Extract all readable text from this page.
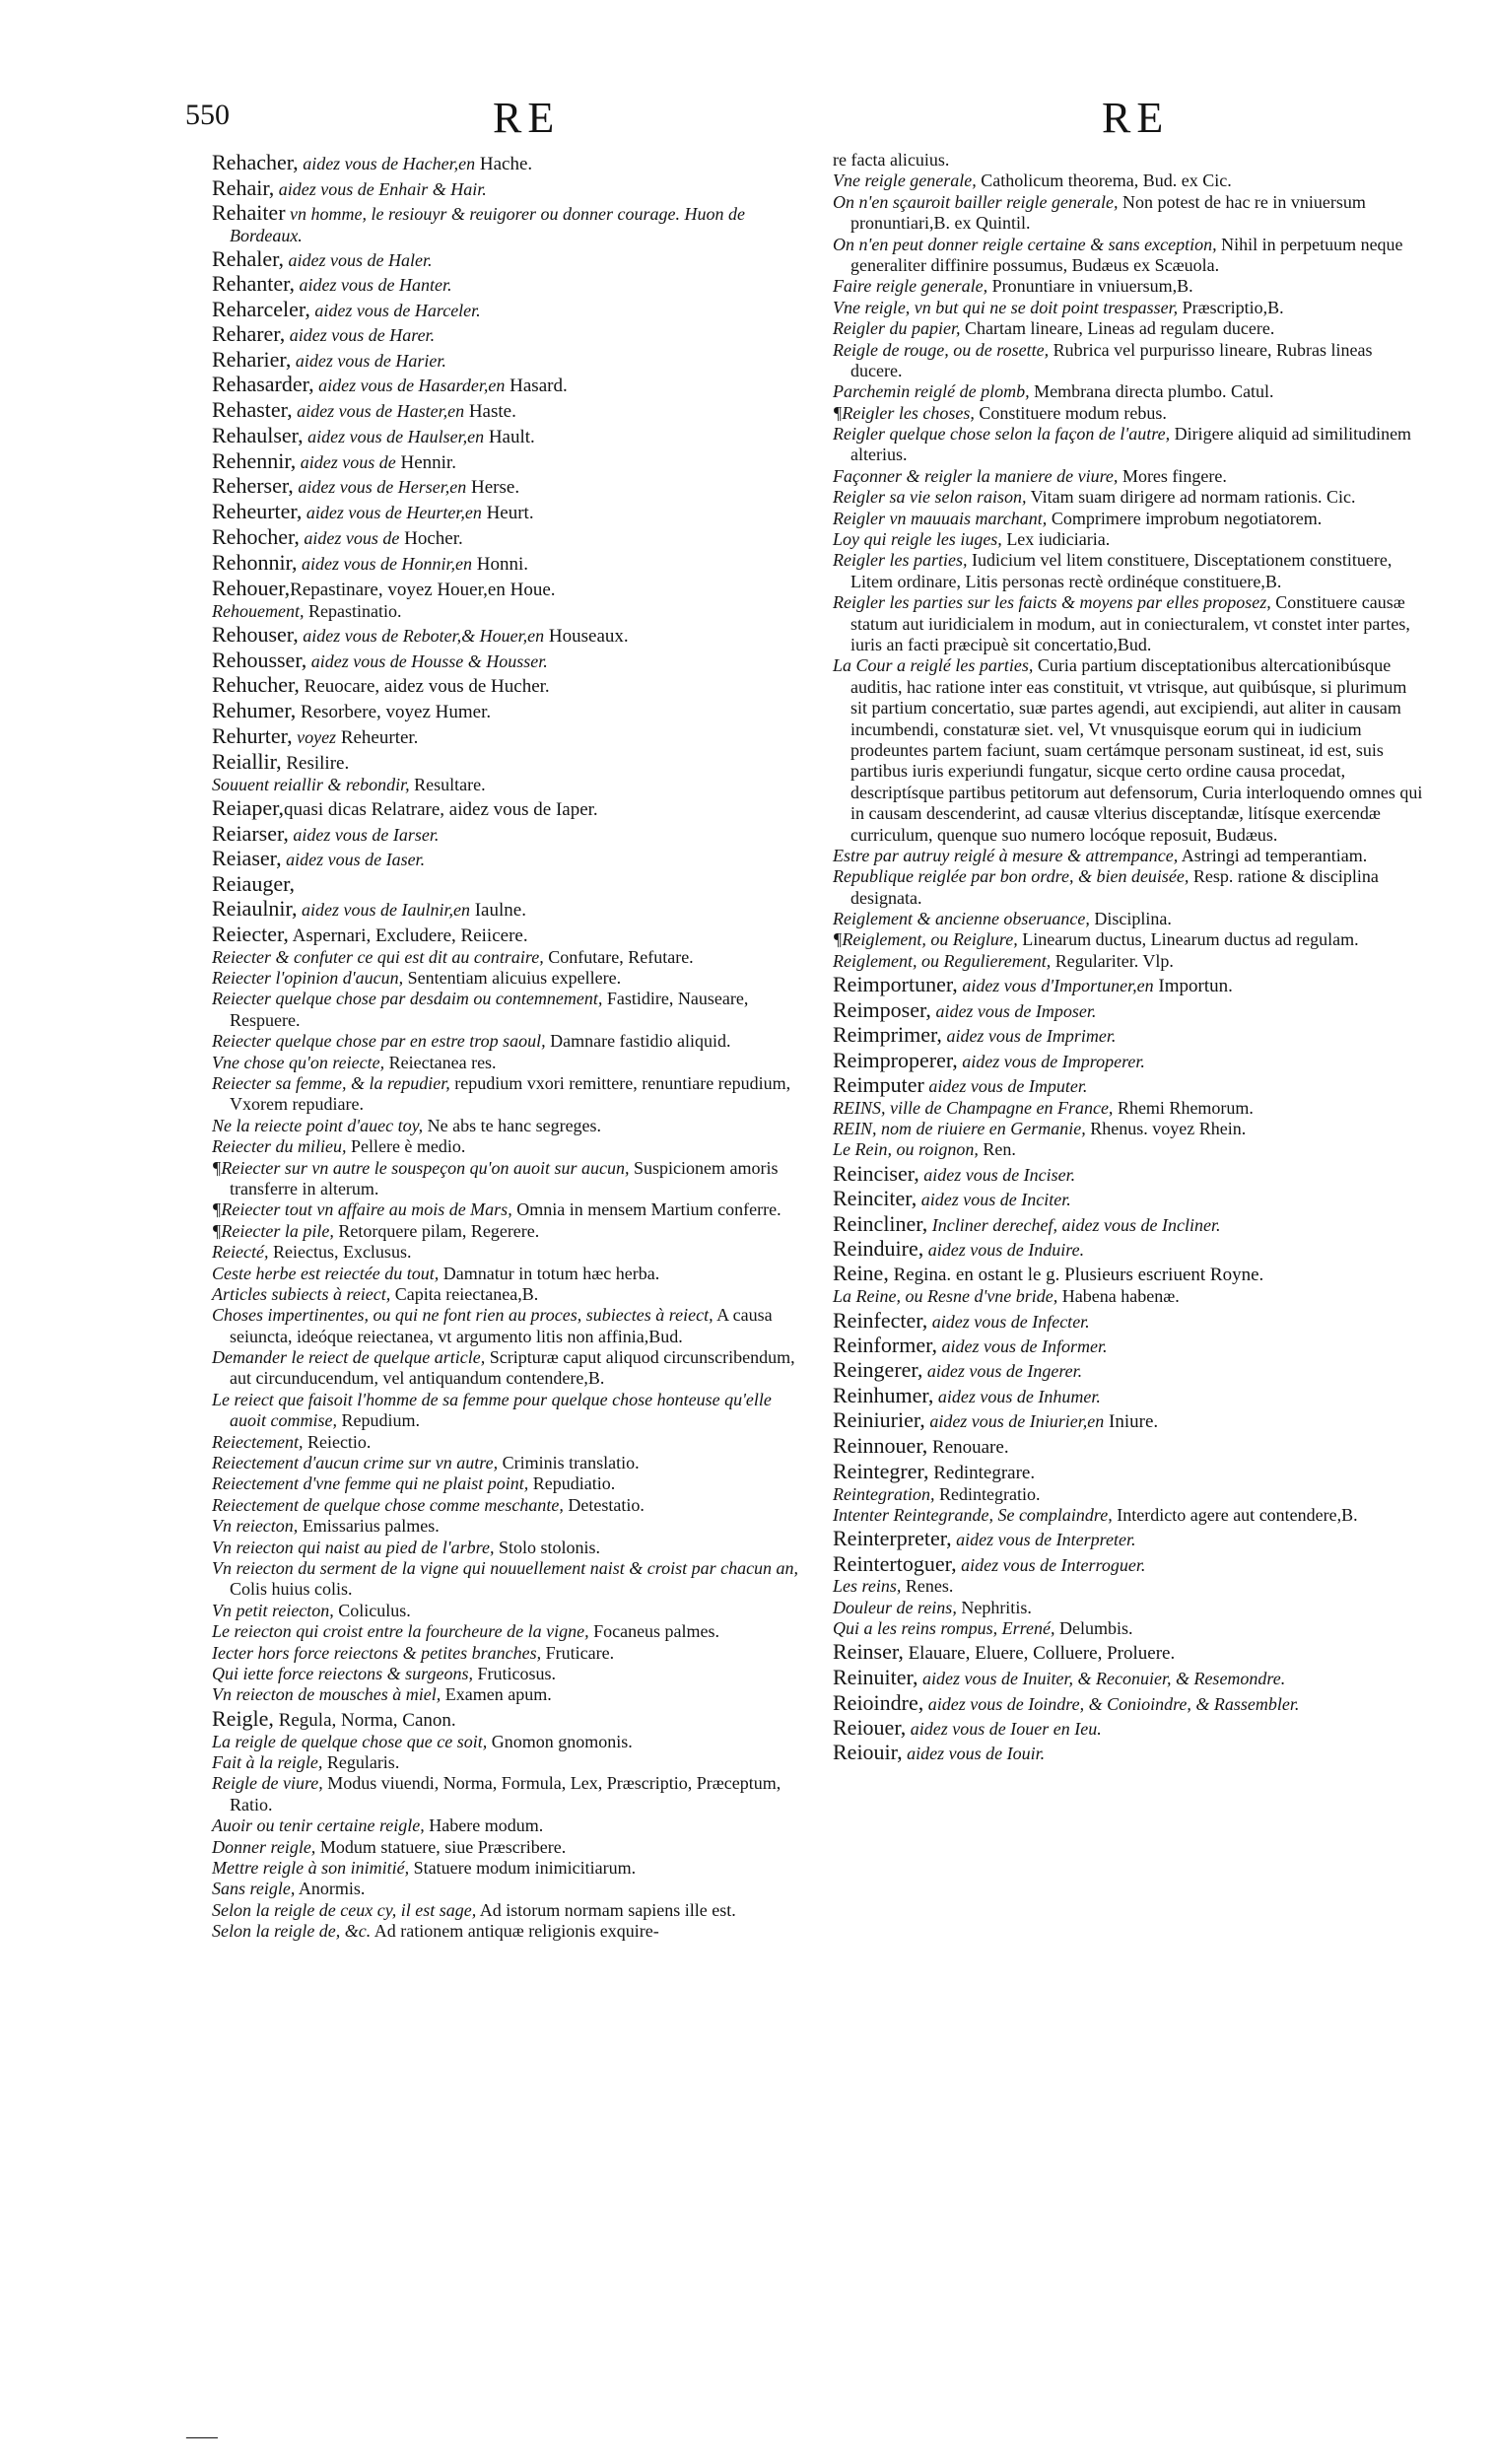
550	RE	RE

Rehacher, aidez vous de Hacher,en Hache.

Rehair, aidez vous de Enhair & Hair.

Rehaiter vn homme, le resiouyr & reuigorer ou donner courage. Huon de Bordeaux.

Rehaler, aidez vous de Haler.

Rehanter, aidez vous de Hanter.

Reharceler, aidez vous de Harceler.

Reharer, aidez vous de Harer.

Reharier, aidez vous de Harier.

Rehasarder, aidez vous de Hasarder,en Hasard.

Rehaster, aidez vous de Haster,en Haste.

Rehaulser, aidez vous de Haulser,en Hault.

Rehennir, aidez vous de Hennir.

Reherser, aidez vous de Herser,en Herse.

Reheurter, aidez vous de Heurter,en Heurt.

Rehocher, aidez vous de Hocher.

Rehonnir, aidez vous de Honnir,en Honni.

Rehouer,Repastinare, voyez Houer,en Houe.

Rehouement, Repastinatio.

Rehouser, aidez vous de Reboter,& Houer,en Houseaux.

Rehousser, aidez vous de Housse & Housser.

Rehucher, Reuocare, aidez vous de Hucher.

Rehumer, Resorbere, voyez Humer.

Rehurter, voyez Reheurter.

Reiallir, Resilire.

Souuent reiallir & rebondir, Resultare.

Reiaper,quasi dicas Relatrare, aidez vous de Iaper.

Reiarser, aidez vous de Iarser.

Reiaser, aidez vous de Iaser.

Reiauger,

Reiaulnir, aidez vous de Iaulnir,en Iaulne.

Reiecter, Aspernari, Excludere, Reiicere.

Reiecter & confuter ce qui est dit au contraire, Confutare, Refutare.

Reiecter l'opinion d'aucun, Sententiam alicuius expellere.

Reiecter quelque chose par desdaim ou contemnement, Fastidire, Nauseare, Respuere.

Reiecter quelque chose par en estre trop saoul, Damnare fastidio aliquid.

Vne chose qu'on reiecte, Reiectanea res.

Reiecter sa femme, & la repudier, repudium vxori remittere, renuntiare repudium, Vxorem repudiare.

Ne la reiecte point d'auec toy, Ne abs te hanc segreges.

Reiecter du milieu, Pellere è medio.

¶Reiecter sur vn autre le souspeçon qu'on auoit sur aucun, Suspicionem amoris transferre in alterum.

¶Reiecter tout vn affaire au mois de Mars, Omnia in mensem Martium conferre.

¶Reiecter la pile, Retorquere pilam, Regerere.

Reiecté, Reiectus, Exclusus.

Ceste herbe est reiectée du tout, Damnatur in totum hæc herba.

Articles subiects à reiect, Capita reiectanea,B.

Choses impertinentes, ou qui ne font rien au proces, subiectes à reiect, A causa seiuncta, ideóque reiectanea, vt argumento litis non affinia,Bud.

Demander le reiect de quelque article, Scripturæ caput aliquod circunscribendum, aut circunducendum, vel antiquandum contendere,B.

Le reiect que faisoit l'homme de sa femme pour quelque chose honteuse qu'elle auoit commise, Repudium.

Reiectement, Reiectio.

Reiectement d'aucun crime sur vn autre, Criminis translatio.

Reiectement d'vne femme qui ne plaist point, Repudiatio.

Reiectement de quelque chose comme meschante, Detestatio.

Vn reiecton, Emissarius palmes.

Vn reiecton qui naist au pied de l'arbre, Stolo stolonis.

Vn reiecton du serment de la vigne qui nouuellement naist & croist par chacun an, Colis huius colis.

Vn petit reiecton, Coliculus.

Le reiecton qui croist entre la fourcheure de la vigne, Focaneus palmes.

Iecter hors force reiectons & petites branches, Fruticare.

Qui iette force reiectons & surgeons, Fruticosus.

Vn reiecton de mousches à miel, Examen apum.

Reigle, Regula, Norma, Canon.

La reigle de quelque chose que ce soit, Gnomon gnomonis.

Fait à la reigle, Regularis.

Reigle de viure, Modus viuendi, Norma, Formula, Lex, Præscriptio, Præceptum, Ratio.

Auoir ou tenir certaine reigle, Habere modum.

Donner reigle, Modum statuere, siue Præscribere.

Mettre reigle à son inimitié, Statuere modum inimicitiarum.

Sans reigle, Anormis.

Selon la reigle de ceux cy, il est sage, Ad istorum normam sapiens ille est.

Selon la reigle de, &c. Ad rationem antiquæ religionis exquire-

re facta alicuius.

Vne reigle generale, Catholicum theorema, Bud. ex Cic.

On n'en sçauroit bailler reigle generale, Non potest de hac re in vniuersum pronuntiari,B. ex Quintil.

On n'en peut donner reigle certaine & sans exception, Nihil in perpetuum neque generaliter diffinire possumus, Budæus ex Scæuola.

Faire reigle generale, Pronuntiare in vniuersum,B.

Vne reigle, vn but qui ne se doit point trespasser, Præscriptio,B.

Reigler du papier, Chartam lineare, Lineas ad regulam ducere.

Reigle de rouge, ou de rosette, Rubrica vel purpurisso lineare, Rubras lineas ducere.

Parchemin reiglé de plomb, Membrana directa plumbo. Catul.

¶Reigler les choses, Constituere modum rebus.

Reigler quelque chose selon la façon de l'autre, Dirigere aliquid ad similitudinem alterius.

Façonner & reigler la maniere de viure, Mores fingere.

Reigler sa vie selon raison, Vitam suam dirigere ad normam rationis. Cic.

Reigler vn mauuais marchant, Comprimere improbum negotiatorem.

Loy qui reigle les iuges, Lex iudiciaria.

Reigler les parties, Iudicium vel litem constituere, Disceptationem constituere, Litem ordinare, Litis personas rectè ordinéque constituere,B.

Reigler les parties sur les faicts & moyens par elles proposez, Constituere causæ statum aut iuridicialem in modum, aut in coniecturalem, vt constet inter partes, iuris an facti præcipuè sit concertatio,Bud.

La Cour a reiglé les parties, Curia partium disceptationibus altercationibúsque auditis, hac ratione inter eas constituit, vt vtrisque, aut quibúsque, si plurimum sit partium concertatio, suæ partes agendi, aut excipiendi, aut aliter in causam incumbendi, constaturæ siet. vel, Vt vnusquisque eorum qui in iudicium prodeuntes partem faciunt, suam certámque personam sustineat, id est, suis partibus iuris experiundi fungatur, sicque certo ordine causa procedat, descriptísque partibus petitorum aut defensorum, Curia interloquendo omnes qui in causam descenderint, ad causæ vlterius disceptandæ, litísque exercendæ curriculum, quenque suo numero locóque reposuit, Budæus.

Estre par autruy reiglé à mesure & attrempance, Astringi ad temperantiam.

Republique reiglée par bon ordre, & bien deuisée, Resp. ratione & disciplina designata.

Reiglement & ancienne obseruance, Disciplina.

¶Reiglement, ou Reiglure, Linearum ductus, Linearum ductus ad regulam.

Reiglement, ou Regulierement, Regulariter. Vlp.

Reimportuner, aidez vous d'Importuner,en Importun.

Reimposer, aidez vous de Imposer.

Reimprimer, aidez vous de Imprimer.

Reimproperer, aidez vous de Improperer.

Reimputer aidez vous de Imputer.

REINS, ville de Champagne en France, Rhemi Rhemorum.

REIN, nom de riuiere en Germanie, Rhenus. voyez Rhein.

Le Rein, ou roignon, Ren.

Reinciser, aidez vous de Inciser.

Reinciter, aidez vous de Inciter.

Reincliner, Incliner derechef, aidez vous de Incliner.

Reinduire, aidez vous de Induire.

Reine, Regina. en ostant le g. Plusieurs escriuent Royne.

La Reine, ou Resne d'vne bride, Habena habenæ.

Reinfecter, aidez vous de Infecter.

Reinformer, aidez vous de Informer.

Reingerer, aidez vous de Ingerer.

Reinhumer, aidez vous de Inhumer.

Reiniurier, aidez vous de Iniurier,en Iniure.

Reinnouer, Renouare.

Reintegrer, Redintegrare.

Reintegration, Redintegratio.

Intenter Reintegrande, Se complaindre, Interdicto agere aut contendere,B.

Reinterpreter, aidez vous de Interpreter.

Reintertoguer, aidez vous de Interroguer.

Les reins, Renes.

Douleur de reins, Nephritis.

Qui a les reins rompus, Errené, Delumbis.

Reinser, Elauare, Eluere, Colluere, Proluere.

Reinuiter, aidez vous de Inuiter, & Reconuier, & Resemondre.

Reioindre, aidez vous de Ioindre, & Conioindre, & Rassembler.

Reiouer, aidez vous de Iouer en Ieu.

Reiouir, aidez vous de Iouir.

⸺
